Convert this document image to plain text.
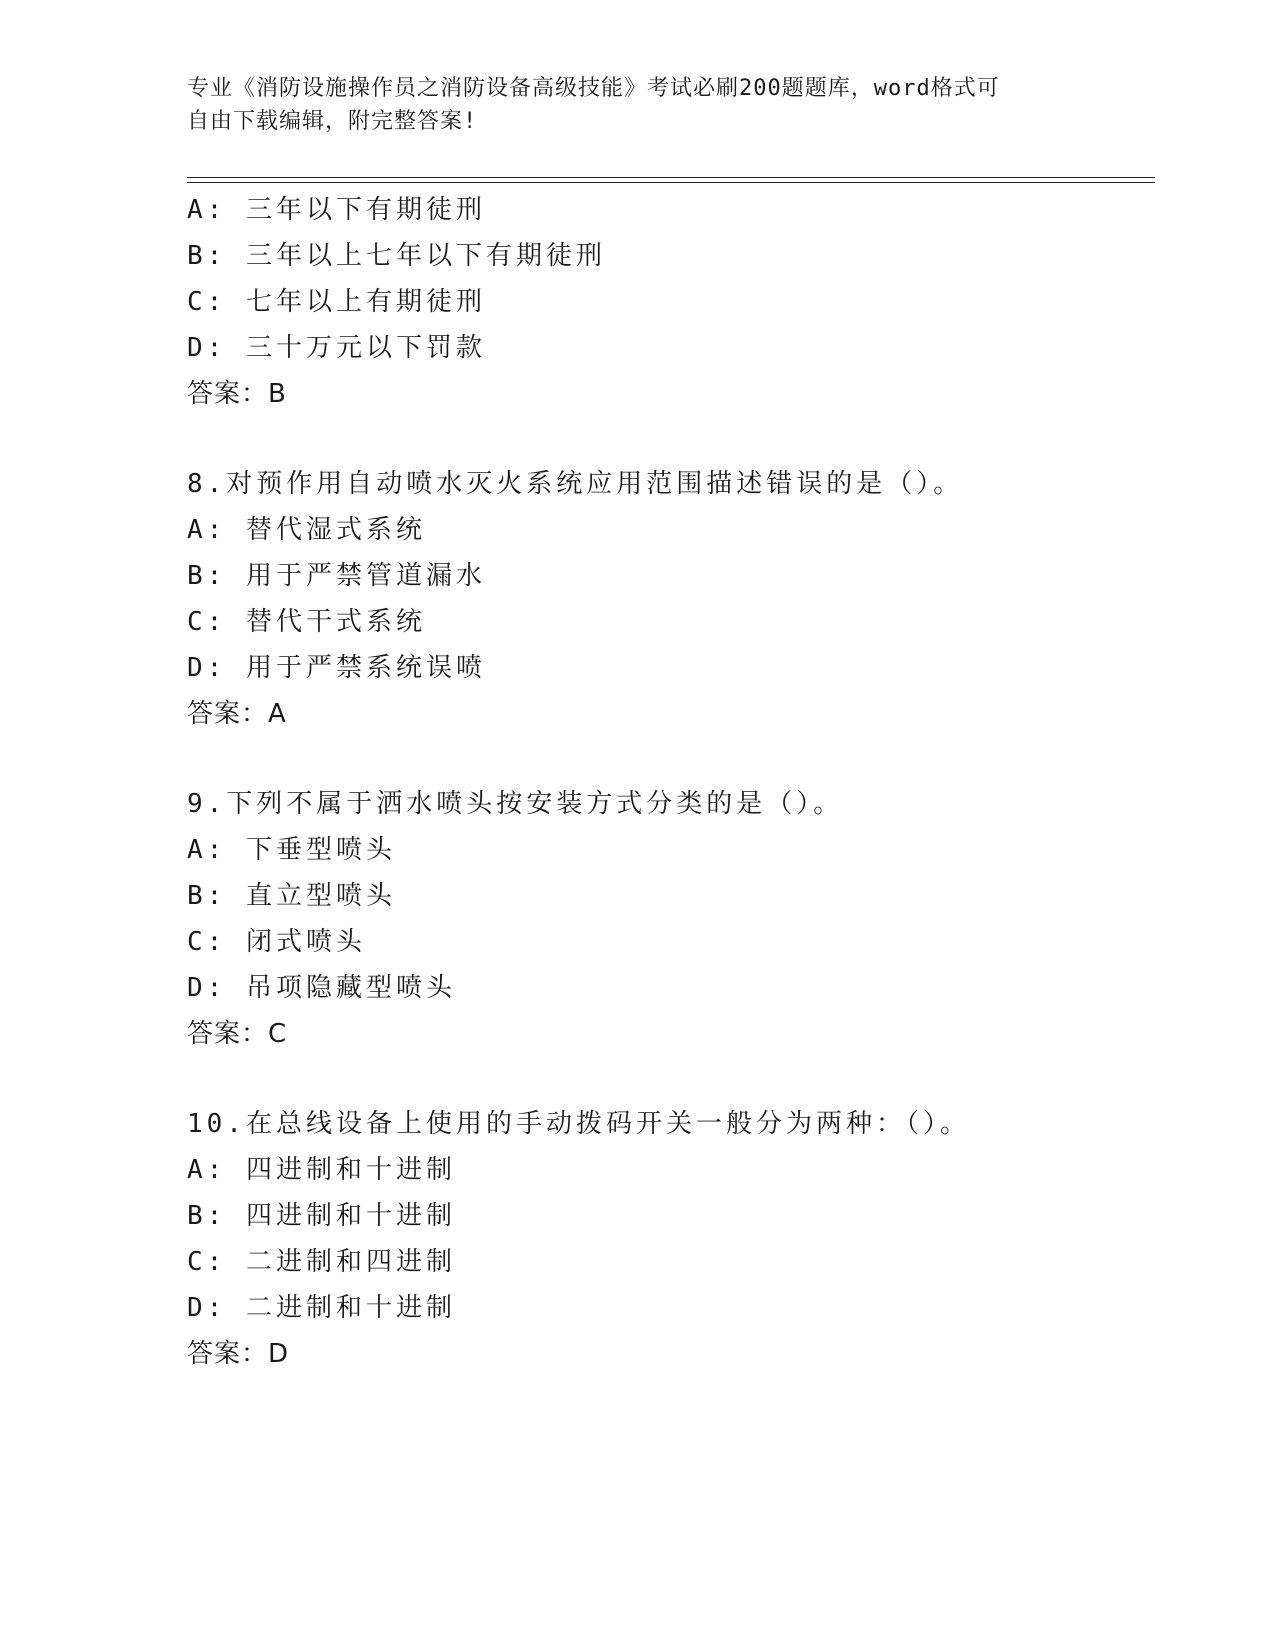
专业《消防设施操作员之消防设备高级技能》考试必刷200题题库，word格式可
自由下载编辑，附完整答案!
A: 三年以下有期徒刑
B: 三年以上七年以下有期徒刑
C: 七年以上有期徒刑
D: 三十万元以下罚款
答案：B
8.对预作用自动喷水灭火系统应用范围描述错误的是（）。
A: 替代湿式系统
B: 用于严禁管道漏水
C: 替代干式系统
D: 用于严禁系统误喷
答案：A
9.下列不属于洒水喷头按安装方式分类的是（）。
A: 下垂型喷头
B: 直立型喷头
C: 闭式喷头
D: 吊项隐藏型喷头
答案：C
10.在总线设备上使用的手动拨码开关一般分为两种：（）。
A: 四进制和十进制
B: 四进制和十进制
C: 二进制和四进制
D: 二进制和十进制
答案：D
